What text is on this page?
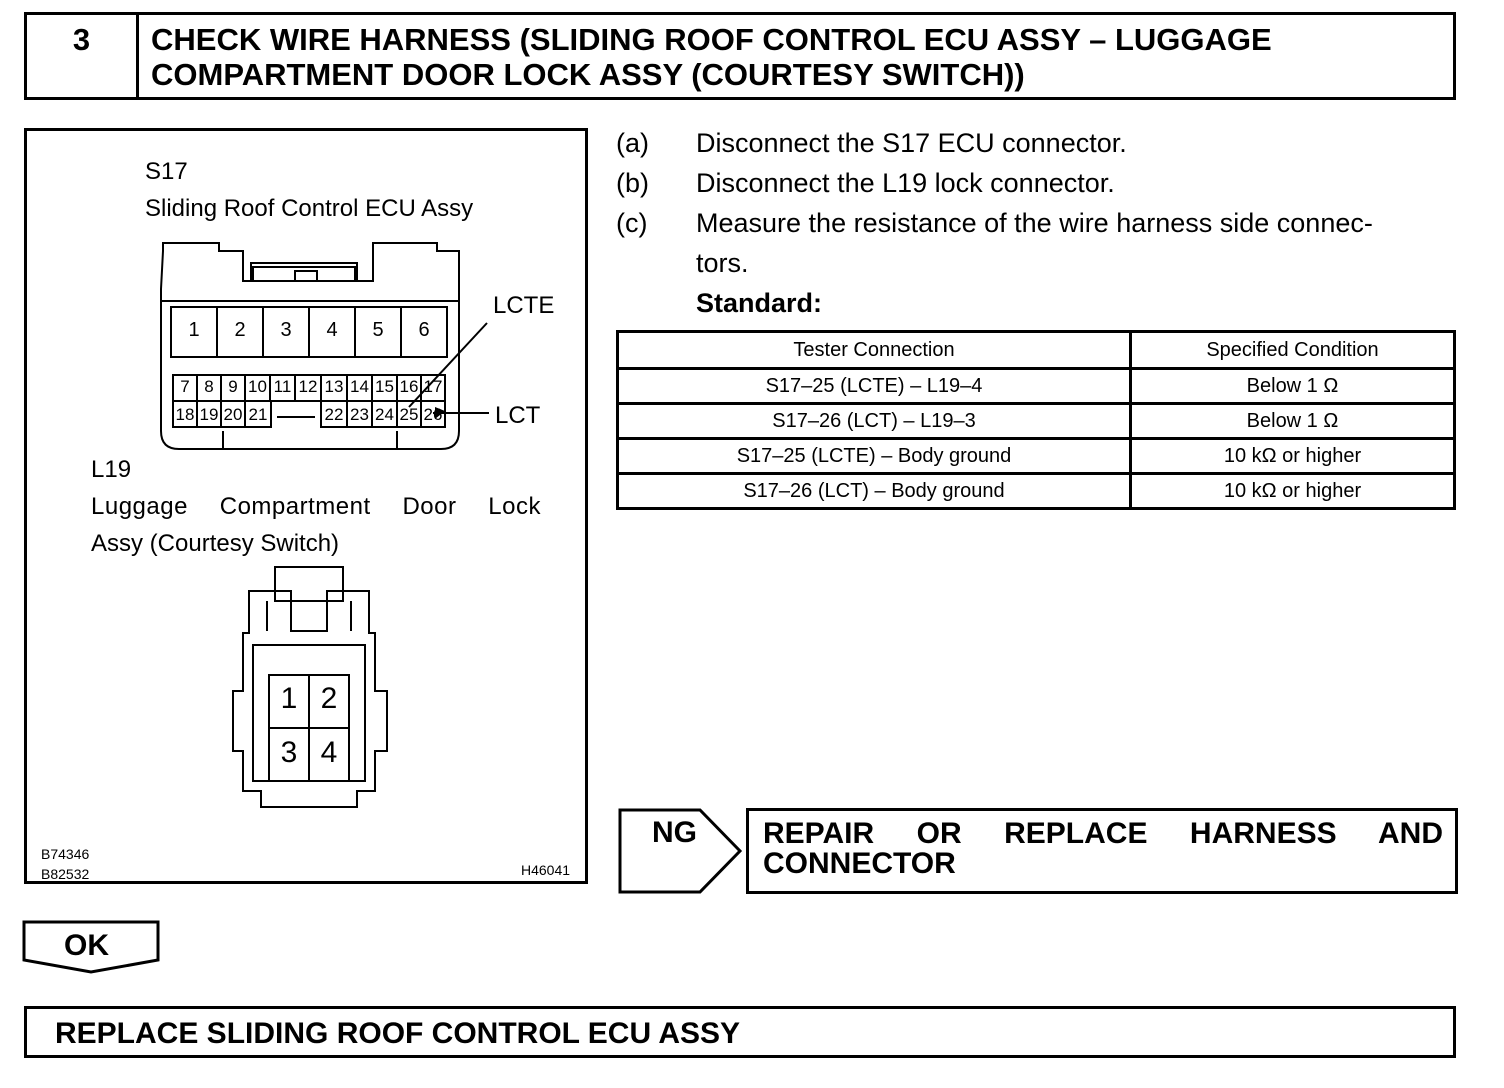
3	CHECK WIRE HARNESS (SLIDING ROOF CONTROL ECU ASSY – LUGGAGE COMPARTMENT DOOR LOCK ASSY (COURTESY SWITCH))
S17
Sliding Roof Control ECU Assy
LCTE
LCT
1	2	3	4	5	6
7 8 9 10 11 12 13 14 15 16 17
18 19 20 21	22 23 24 25 26
L19
Luggage Compartment Door Lock
Assy (Courtesy Switch)
1 2
3 4
B74346
B82532	H46041
(a) Disconnect the S17 ECU connector.
(b) Disconnect the L19 lock connector.
(c) Measure the resistance of the wire harness side connec-
tors.
Standard:
Tester Connection	Specified Condition
S17–25 (LCTE) – L19–4	Below 1 Ω
S17–26 (LCT) – L19–3	Below 1 Ω
S17–25 (LCTE) – Body ground	10 kΩ or higher
S17–26 (LCT) – Body ground	10 kΩ or higher
NG REPAIR OR REPLACE HARNESS AND CONNECTOR
OK
REPLACE SLIDING ROOF CONTROL ECU ASSY
